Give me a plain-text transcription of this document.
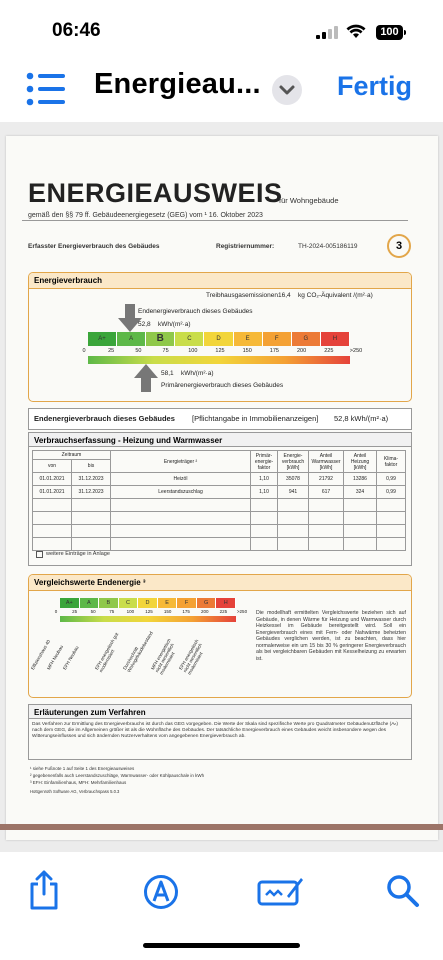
06:46	100
Energieau...	Fertig
ENERGIEAUSWEIS
für Wohngebäude
gemäß den §§ 79 ff. Gebäudeenergiegesetz (GEG) vom ¹ 16. Oktober 2023
Erfasster Energieverbrauch des Gebäudes	Registriernummer:	TH-2024-005186119	3
Energieverbrauch
Treibhausgasemissionen 16,4 kg CO₂-Äquivalent /(m²·a)
Endenergieverbrauch dieses Gebäudes
52,8 kWh/(m²·a)
A+	A	B	C	D	E	F	G	H
0	25	50	75	100	125	150	175	200	225	>250
58,1 kWh/(m²·a)
Primärenergieverbrauch dieses Gebäudes
Endenergieverbrauch dieses Gebäudes [Pflichtangabe in Immobilienanzeigen] 52,8 kWh/(m²·a)
Verbrauchserfassung - Heizung und Warmwasser
Zeitraum		Energieträger ²	Primär-energie-faktor	Energie-verbrauch [kWh]	Anteil Warmwasser [kWh]	Anteil Heizung [kWh]	Klima-faktor
von	bis						
01.01.2021	31.12.2023	Heizöl	1,10	35078	21792	13286	0,99
01.01.2021	31.12.2023	Leerstandszuschlag	1,10	941	617	324	0,99

weitere Einträge in Anlage
Vergleichswerte Endenergie ³
A+	A	B	C	D	E	F	G	H
0	25	50	75	100 125 150 175 200 225 >250
Effizienzhaus 40
MFH Neubau
EFH Neubau	EFH energetisch gut modernisiert	Durchschnitt Wohngebäudebestand
MFH energetisch nicht wesentlich modernisiert EFH energetisch nicht wesentlich modernisiert
Die modellhaft ermittelten Vergleichswerte beziehen sich auf Gebäude, in denen Wärme für Heizung und Warmwasser durch Heizkessel im Gebäude bereitgestellt wird. Soll ein Energieverbrauch eines mit Fern- oder Nahwärme beheizten Gebäudes verglichen werden, ist zu beachten, dass hier normalerweise ein um 15 bis 30 % geringerer Energieverbrauch als bei vergleichbaren Gebäuden mit Kesselheizung zu erwarten ist.
Erläuterungen zum Verfahren
Das Verfahren zur Ermittlung des Energieverbrauchs ist durch das GEG vorgegeben. Die Werte der Skala sind spezifische Werte pro Quadratmeter Gebäudenutzfläche (Aₙ) nach dem GEG, die im Allgemeinen größer ist als die Wohnfläche des Gebäudes. Der tatsächliche Energieverbrauch eines Gebäudes weicht insbesondere wegen des Witterungseinflusses und sich ändernden Nutzerverhaltens vom angegebenen Energieverbrauch ab.
¹ siehe Fußnote 1 auf Seite 1 des Energieausweises
² gegebenenfalls auch Leerstandszuschläge, Warmwasser- oder Kühlpauschale in kWh
³ EFH: Einfamilienhaus, MFH: Mehrfamilienhaus
Hottgenroth Software AG, Verbrauchspass 5.0.3
